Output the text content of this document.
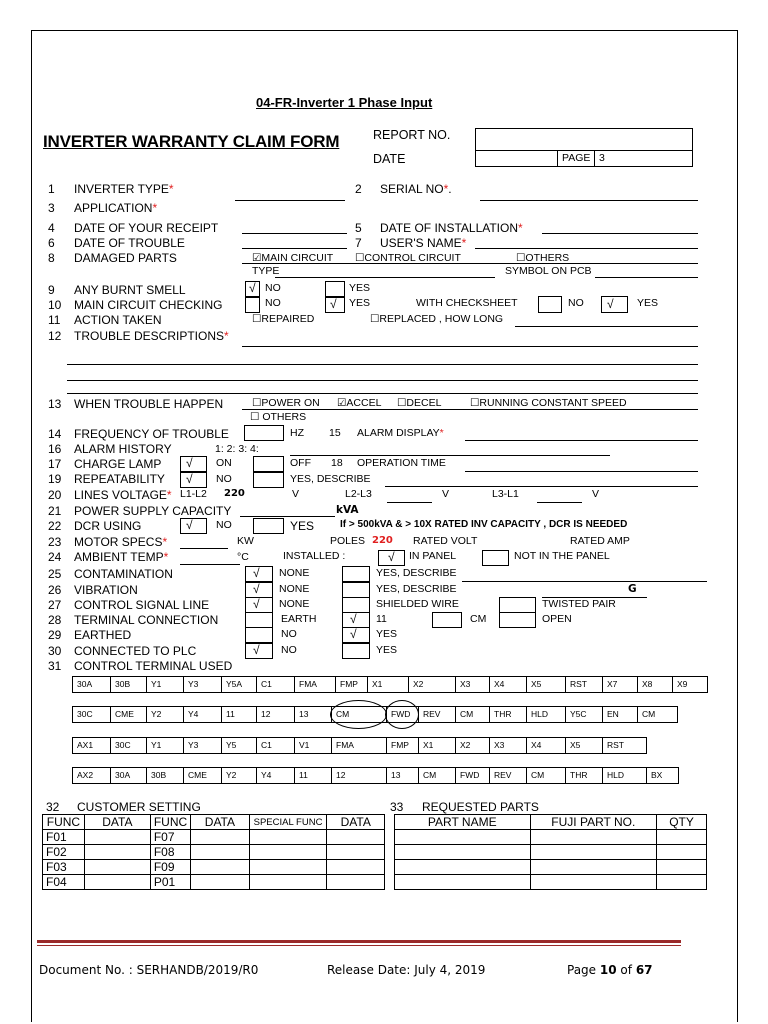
04-FR-Inverter 1 Phase Input
INVERTER WARRANTY CLAIM FORM	REPORT NO.
DATE	PAGE 3
1 INVERTER TYPE*	2 SERIAL NO*.
3 APPLICATION*
4 DATE OF YOUR RECEIPT	5 DATE OF INSTALLATION*
6 DATE OF TROUBLE	7 USER'S NAME*
8 DAMAGED PARTS	☑MAIN CIRCUIT ☐CONTROL CIRCUIT	☐OTHERS
TYPE	SYMBOL ON PCB
9 ANY BURNT SMELL	√ NO	YES
10 MAIN CIRCUIT CHECKING	NO	√ YES	WITH CHECKSHEET	NO √ YES
11 ACTION TAKEN	☐REPAIRED	☐REPLACED , HOW LONG
12 TROUBLE DESCRIPTIONS*
13 WHEN TROUBLE HAPPEN	☐POWER ON ☑ACCEL ☐DECEL	☐RUNNING CONSTANT SPEED
☐ OTHERS
14 FREQUENCY OF TROUBLE	HZ 15 ALARM DISPLAY*
16 ALARM HISTORY	1: 2: 3: 4:
17 CHARGE LAMP √ ON	OFF 18 OPERATION TIME
19 REPEATABILITY √ NO	YES, DESCRIBE
20 LINES VOLTAGE* L1-L2 220	V	L2-L3	V	L3-L1	V
21 POWER SUPPLY CAPACITY	kVA
22 DCR USING	√ NO	YES	If > 500kVA & > 10X RATED INV CAPACITY , DCR IS NEEDED
23 MOTOR SPECS*	KW	POLES 220 RATED VOLT	RATED AMP
24 AMBIENT TEMP*	°C	INSTALLED :	√ IN PANEL	NOT IN THE PANEL
25 CONTAMINATION	√ NONE	YES, DESCRIBE
26 VIBRATION	√ NONE	YES, DESCRIBE	G
27 CONTROL SIGNAL LINE	√ NONE	SHIELDED WIRE	TWISTED PAIR
28 TERMINAL CONNECTION	EARTH	√ 11	CM	OPEN
29 EARTHED	NO	√ YES
30 CONNECTED TO PLC	√ NO	YES
31 CONTROL TERMINAL USED
30A	30B	Y1	Y3	Y5A	C1	FMA	FMP	X1	X2	X3	X4	X5	RST	X7	X8	X9
30C	CME	Y2	Y4	11	12	13	CM	FWD	REV	CM	THR	HLD	Y5C	EN	CM
AX1	30C	Y1	Y3	Y5	C1	V1	FMA	FMP	X1	X2	X3	X4	X5	RST
AX2	30A	30B	CME	Y2	Y4	11	12	13	CM	FWD	REV	CM	THR	HLD	BX
32 CUSTOMER SETTING
FUNC	DATA	FUNC	DATA	SPECIAL FUNC	DATA
F01		F07			
F02		F08			
F03		F09			
F04		P01			
33 REQUESTED PARTS
PART NAME	FUJI PART NO.	QTY

Document No. : SERHANDB/2019/R0	Release Date: July 4, 2019	Page 10 of 67
